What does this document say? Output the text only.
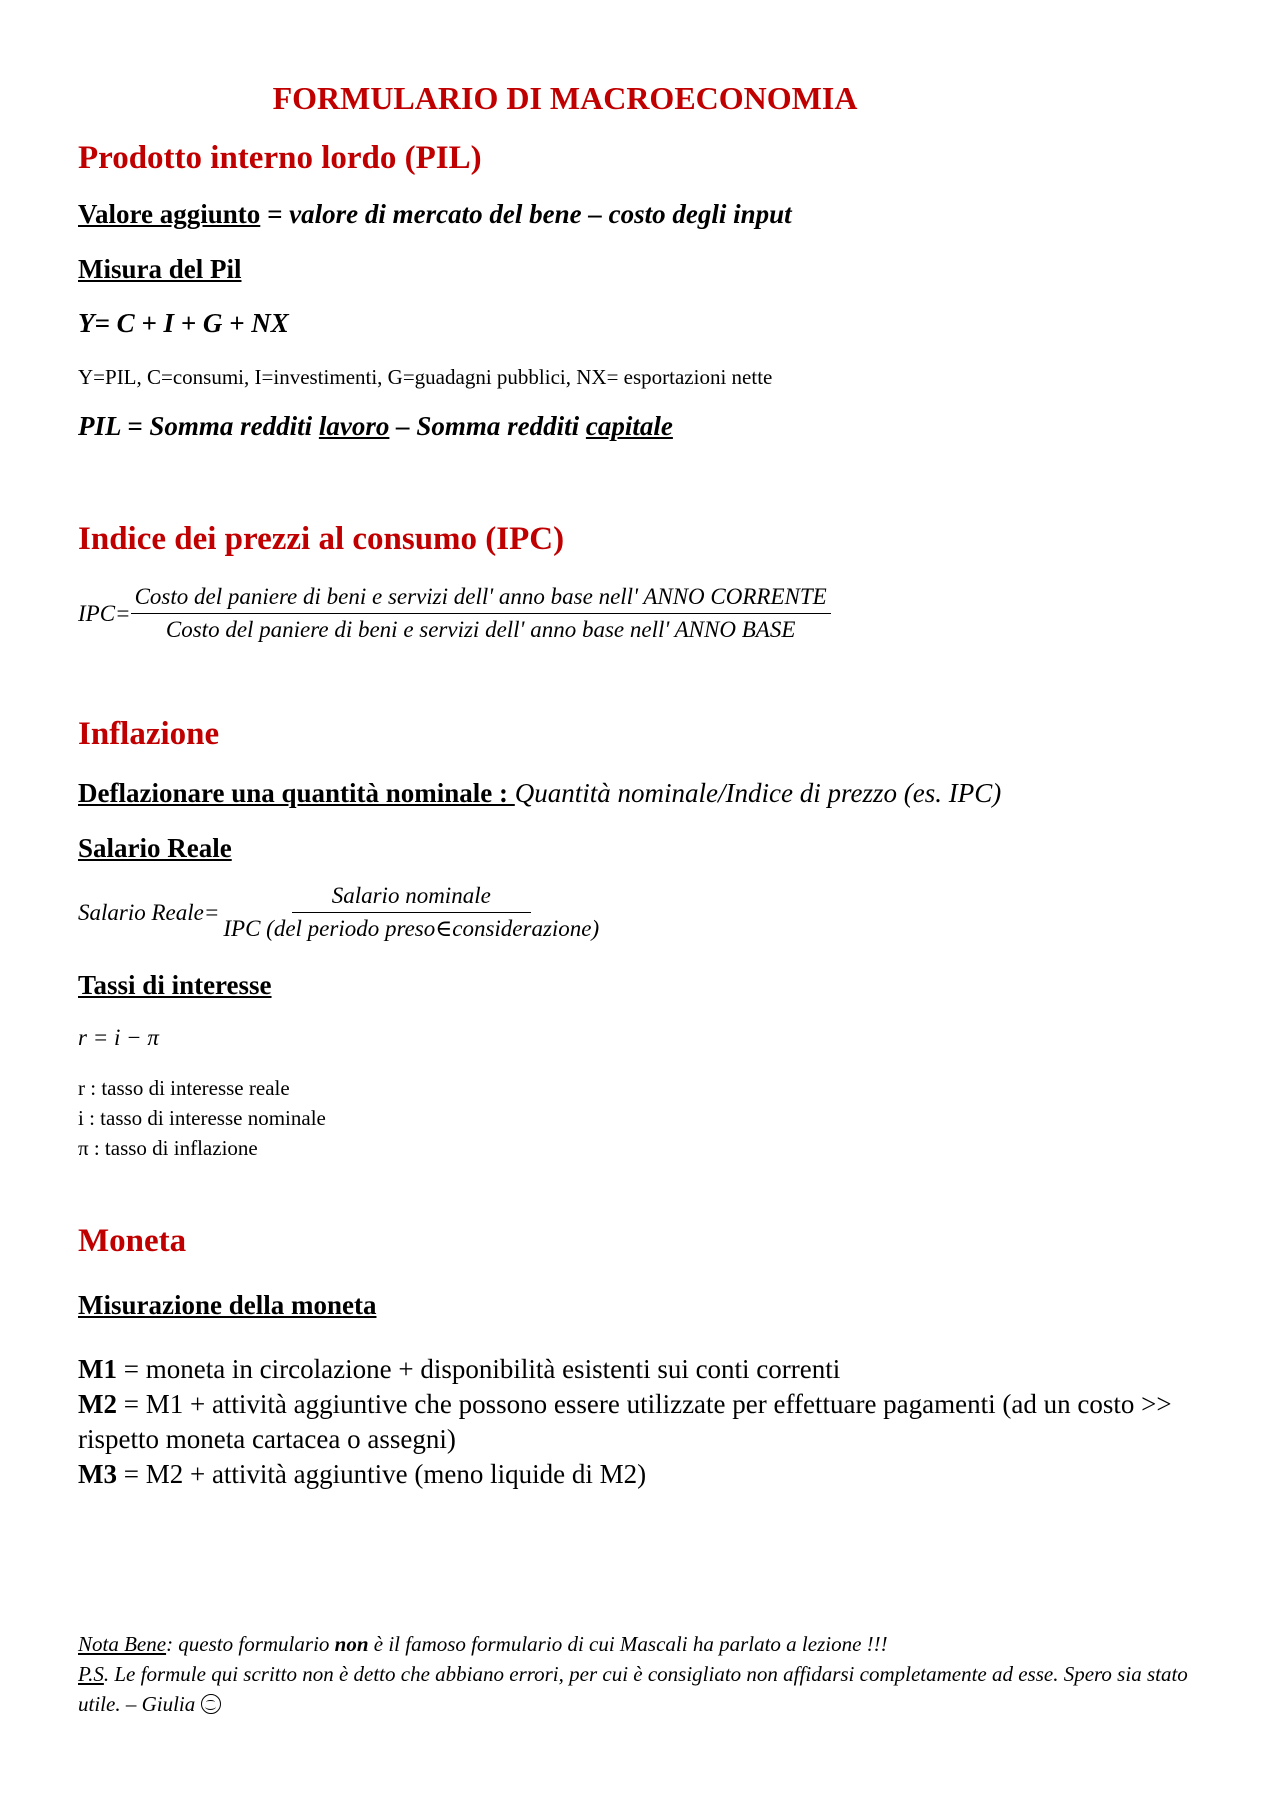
FORMULARIO DI MACROECONOMIA
Prodotto interno lordo (PIL)
Valore aggiunto = valore di mercato del bene – costo degli input
Misura del Pil
Y= C + I + G + NX
Y=PIL, C=consumi, I=investimenti, G=guadagni pubblici, NX= esportazioni nette
PIL = Somma redditi lavoro – Somma redditi capitale
Indice dei prezzi al consumo (IPC)
IPC=
Costo del paniere di beni e servizi dell' anno base nell' ANNO CORRENTE
Costo del paniere di beni e servizi dell' anno base nell' ANNO BASE
Inflazione
Deflazionare una quantità nominale : Quantità nominale/Indice di prezzo (es. IPC)
Salario Reale
Salario Reale= $\frac{\text{Salario nominale}}{\text{IPC (del periodo preso∈considerazione)}}$
Tassi di interesse
r = i − π
r : tasso di interesse reale
i : tasso di interesse nominale
π : tasso di inflazione
Moneta
Misurazione della moneta
M1 = moneta in circolazione + disponibilità esistenti sui conti correnti
M2 = M1 + attività aggiuntive che possono essere utilizzate per effettuare pagamenti (ad un costo >> rispetto moneta cartacea o assegni)
M3 = M2 + attività aggiuntive (meno liquide di M2)
Nota Bene: questo formulario non è il famoso formulario di cui Mascali ha parlato a lezione !!!
P.S. Le formule qui scritto non è detto che abbiano errori, per cui è consigliato non affidarsi completamente ad esse. Spero sia stato utile. – Giulia
